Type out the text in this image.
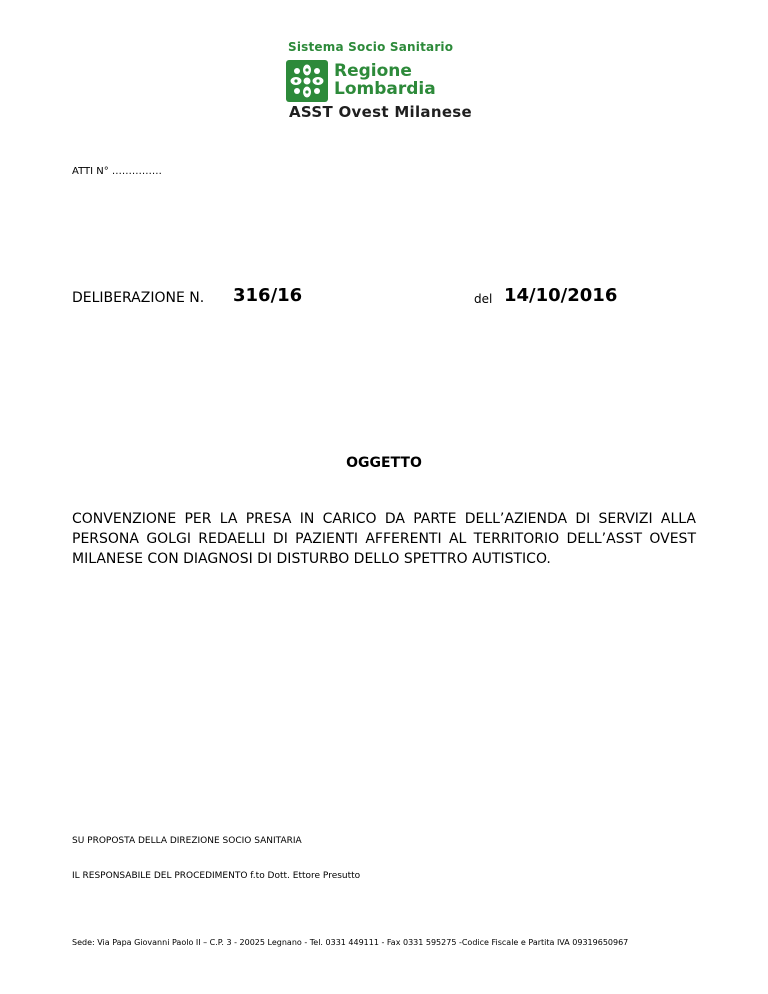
Sistema Socio Sanitario
Regione
Lombardia
ASST Ovest Milanese
ATTI N° ……………
DELIBERAZIONE N. 316/16	del 14/10/2016
OGGETTO
CONVENZIONE PER LA PRESA IN CARICO DA PARTE DELL’AZIENDA DI SERVIZI ALLA PERSONA GOLGI REDAELLI DI PAZIENTI AFFERENTI AL TERRITORIO DELL’ASST OVEST MILANESE CON DIAGNOSI DI DISTURBO DELLO SPETTRO AUTISTICO.
SU PROPOSTA DELLA DIREZIONE SOCIO SANITARIA
IL RESPONSABILE DEL PROCEDIMENTO f.to Dott. Ettore Presutto
Sede: Via Papa Giovanni Paolo II – C.P. 3 - 20025 Legnano - Tel. 0331 449111 - Fax 0331 595275 -Codice Fiscale e Partita IVA 09319650967
